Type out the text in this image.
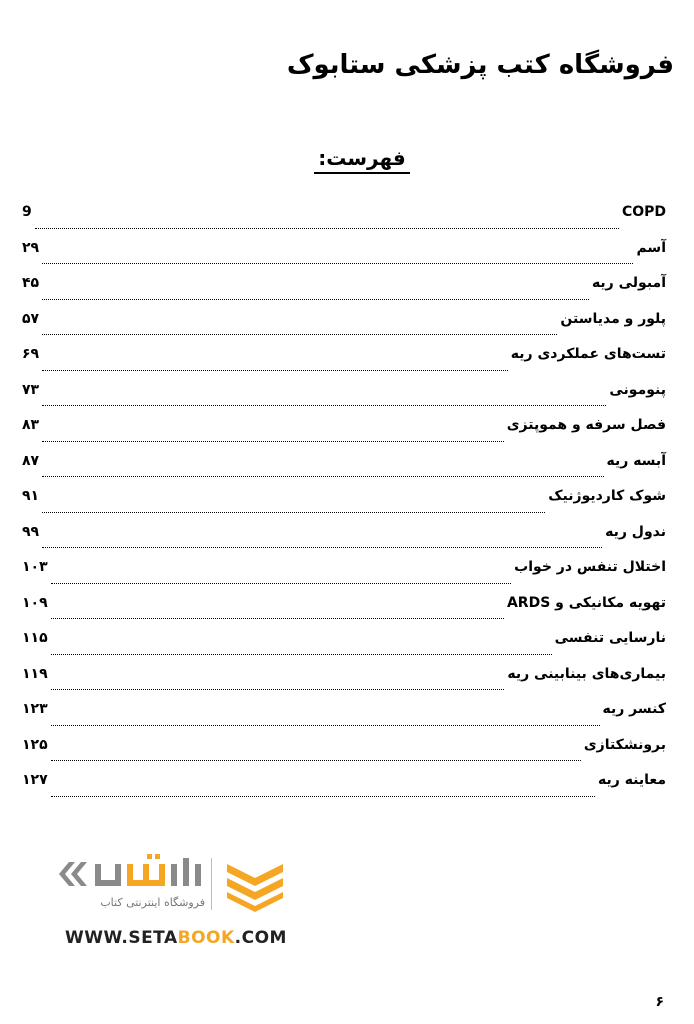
فروشگاه کتب پزشکی ستابوک
فهرست:
COPD
9
آسم
۲۹
آمبولی ریه
۴۵
پلور و مدیاستن
۵۷
تست‌های عملکردی ریه
۶۹
پنومونی
۷۳
فصل سرفه و هموپتزی
۸۳
آبسه ریه
۸۷
شوک کاردیوژنیک
۹۱
ندول ریه
۹۹
اختلال تنفس در خواب
۱۰۳
تهویه مکانیکی و ARDS
۱۰۹
نارسایی تنفسی
۱۱۵
بیماری‌های بینابینی ریه
۱۱۹
کنسر ریه
۱۲۳
برونشکتازی
۱۲۵
معاینه ریه
۱۲۷
فروشگاه اینترنتی کتاب
WWW.SETABOOK.COM
۶
